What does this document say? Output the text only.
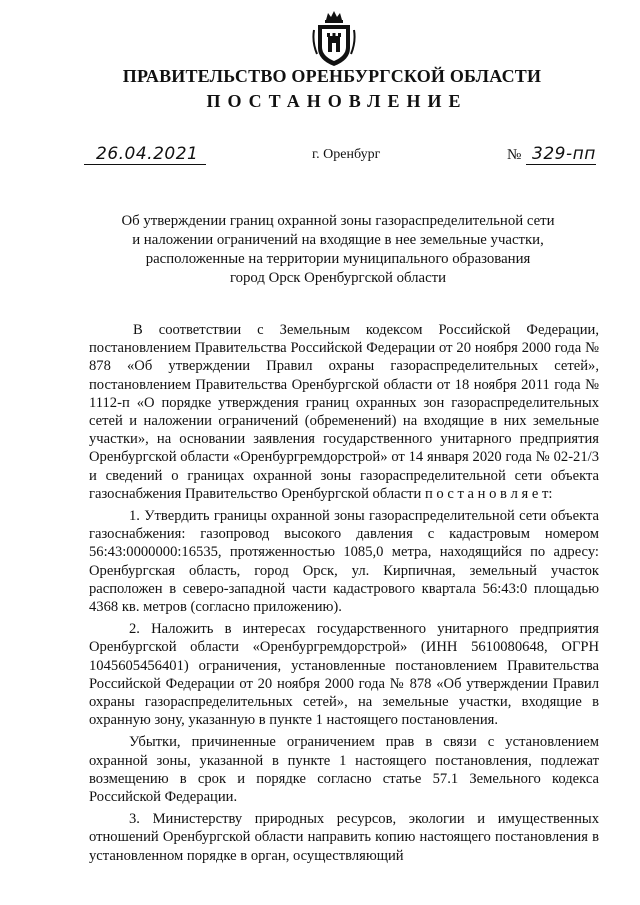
ПРАВИТЕЛЬСТВО ОРЕНБУРГСКОЙ ОБЛАСТИ
ПОСТАНОВЛЕНИЕ
26.04.2021	г. Оренбург	№ 329-пп
Об утверждении границ охранной зоны газораспределительной сети
и наложении ограничений на входящие в нее земельные участки,
расположенные на территории муниципального образования
город Орск Оренбургской области

В соответствии с Земельным кодексом Российской Федерации, постановлением Правительства Российской Федерации от 20 ноября 2000 года № 878 «Об утверждении Правил охраны газораспределительных сетей», постановлением Правительства Оренбургской области от 18 ноября 2011 года № 1112-п «О порядке утверждения границ охранных зон газораспределительных сетей и наложении ограничений (обременений) на входящие в них земельные участки», на основании заявления государственного унитарного предприятия Оренбургской области «Оренбургремдорстрой» от 14 января 2020 года № 02-21/3 и сведений о границах охранной зоны газораспределительной сети объекта газоснабжения Правительство Оренбургской области п о с т а н о в л я е т:

1. Утвердить границы охранной зоны газораспределительной сети объекта газоснабжения: газопровод высокого давления с кадастровым номером 56:43:0000000:16535, протяженностью 1085,0 метра, находящийся по адресу: Оренбургская область, город Орск, ул. Кирпичная, земельный участок расположен в северо-западной части кадастрового квартала 56:43:0 площадью 4368 кв. метров (согласно приложению).

2. Наложить в интересах государственного унитарного предприятия Оренбургской области «Оренбургремдорстрой» (ИНН 5610080648, ОГРН 1045605456401) ограничения, установленные постановлением Правительства Российской Федерации от 20 ноября 2000 года № 878 «Об утверждении Правил охраны газораспределительных сетей», на земельные участки, входящие в охранную зону, указанную в пункте 1 настоящего постановления.

Убытки, причиненные ограничением прав в связи с установлением охранной зоны, указанной в пункте 1 настоящего постановления, подлежат возмещению в срок и порядке согласно статье 57.1 Земельного кодекса Российской Федерации.

3. Министерству природных ресурсов, экологии и имущественных отношений Оренбургской области направить копию настоящего постановления в установленном порядке в орган, осуществляющий
